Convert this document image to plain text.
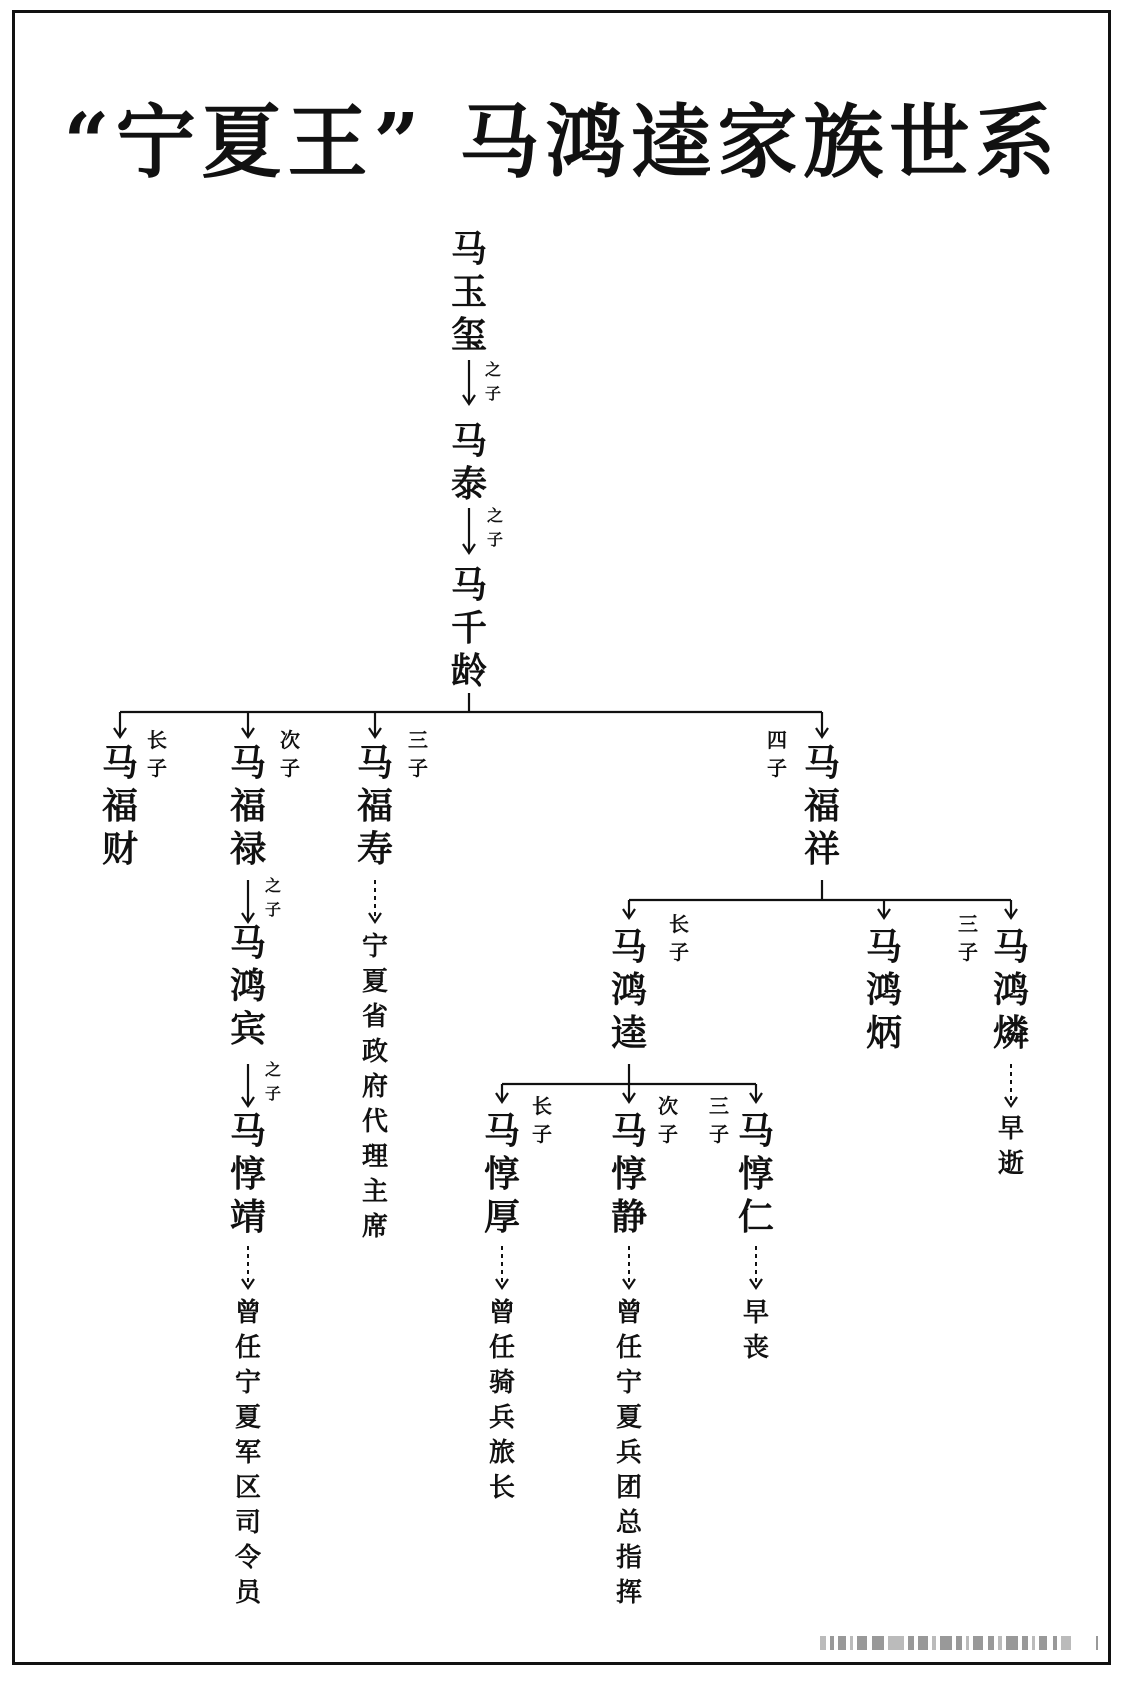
“宁夏王” 马鸿逵家族世系
马
玉
玺
马
泰
马
千
龄
马
福
财
马
福
禄
马
福
寿
马
福
祥
马
鸿
宾
马
惇
靖
马
鸿
逵
马
鸿
炳
马
鸿
燐
马
惇
厚
马
惇
静
马
惇
仁
之
子
之
子
之
子
之
子
长
子
次
子
三
子
四
子
长
子
三
子
长
子
次
子
三
子
宁
夏
省
政
府
代
理
主
席
曾
任
宁
夏
军
区
司
令
员
早
逝
曾
任
骑
兵
旅
长
曾
任
宁
夏
兵
团
总
指
挥
早
丧
